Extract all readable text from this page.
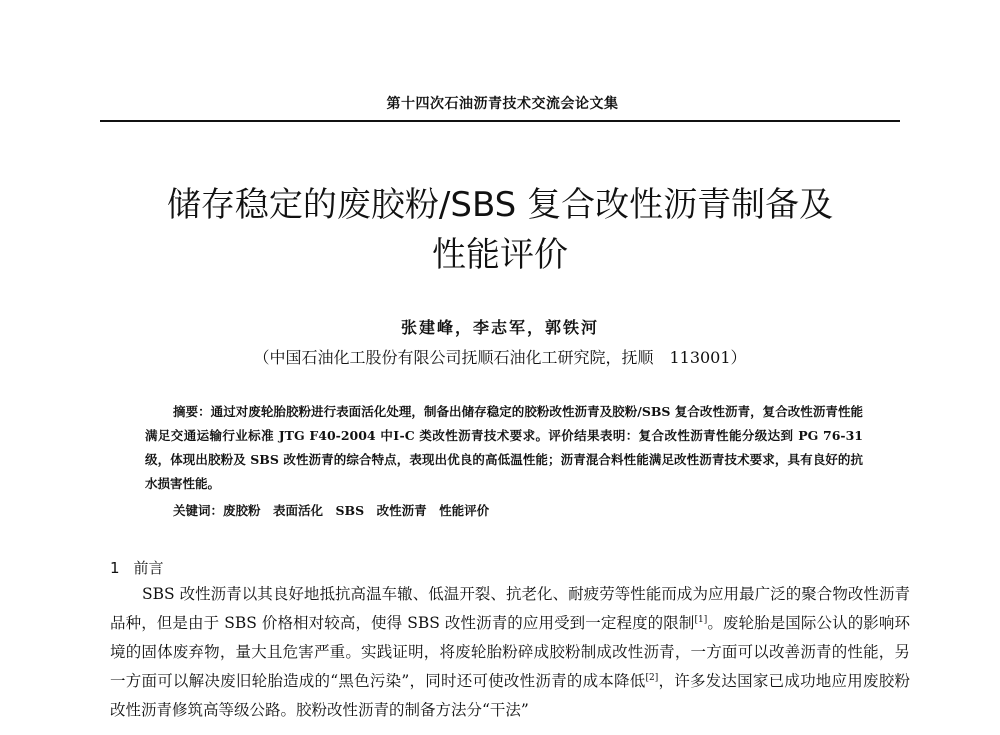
第十四次石油沥青技术交流会论文集
储存稳定的废胶粉/SBS 复合改性沥青制备及
性能评价
张建峰，李志军，郭铁河
（中国石油化工股份有限公司抚顺石油化工研究院，抚顺　113001）
摘要：通过对废轮胎胶粉进行表面活化处理，制备出储存稳定的胶粉改性沥青及胶粉/SBS 复合改性沥青，复合改性沥青性能满足交通运输行业标准 JTG F40-2004 中Ⅰ-C 类改性沥青技术要求。评价结果表明：复合改性沥青性能分级达到 PG 76-31 级，体现出胶粉及 SBS 改性沥青的综合特点，表现出优良的高低温性能；沥青混合料性能满足改性沥青技术要求，具有良好的抗水损害性能。
关键词：废胶粉　表面活化　SBS　改性沥青　性能评价
1 前言
SBS 改性沥青以其良好地抵抗高温车辙、低温开裂、抗老化、耐疲劳等性能而成为应用最广泛的聚合物改性沥青品种，但是由于 SBS 价格相对较高，使得 SBS 改性沥青的应用受到一定程度的限制[1]。废轮胎是国际公认的影响环境的固体废弃物，量大且危害严重。实践证明，将废轮胎粉碎成胶粉制成改性沥青，一方面可以改善沥青的性能，另一方面可以解决废旧轮胎造成的“黑色污染”，同时还可使改性沥青的成本降低[2]，许多发达国家已成功地应用废胶粉改性沥青修筑高等级公路。胶粉改性沥青的制备方法分“干法”
